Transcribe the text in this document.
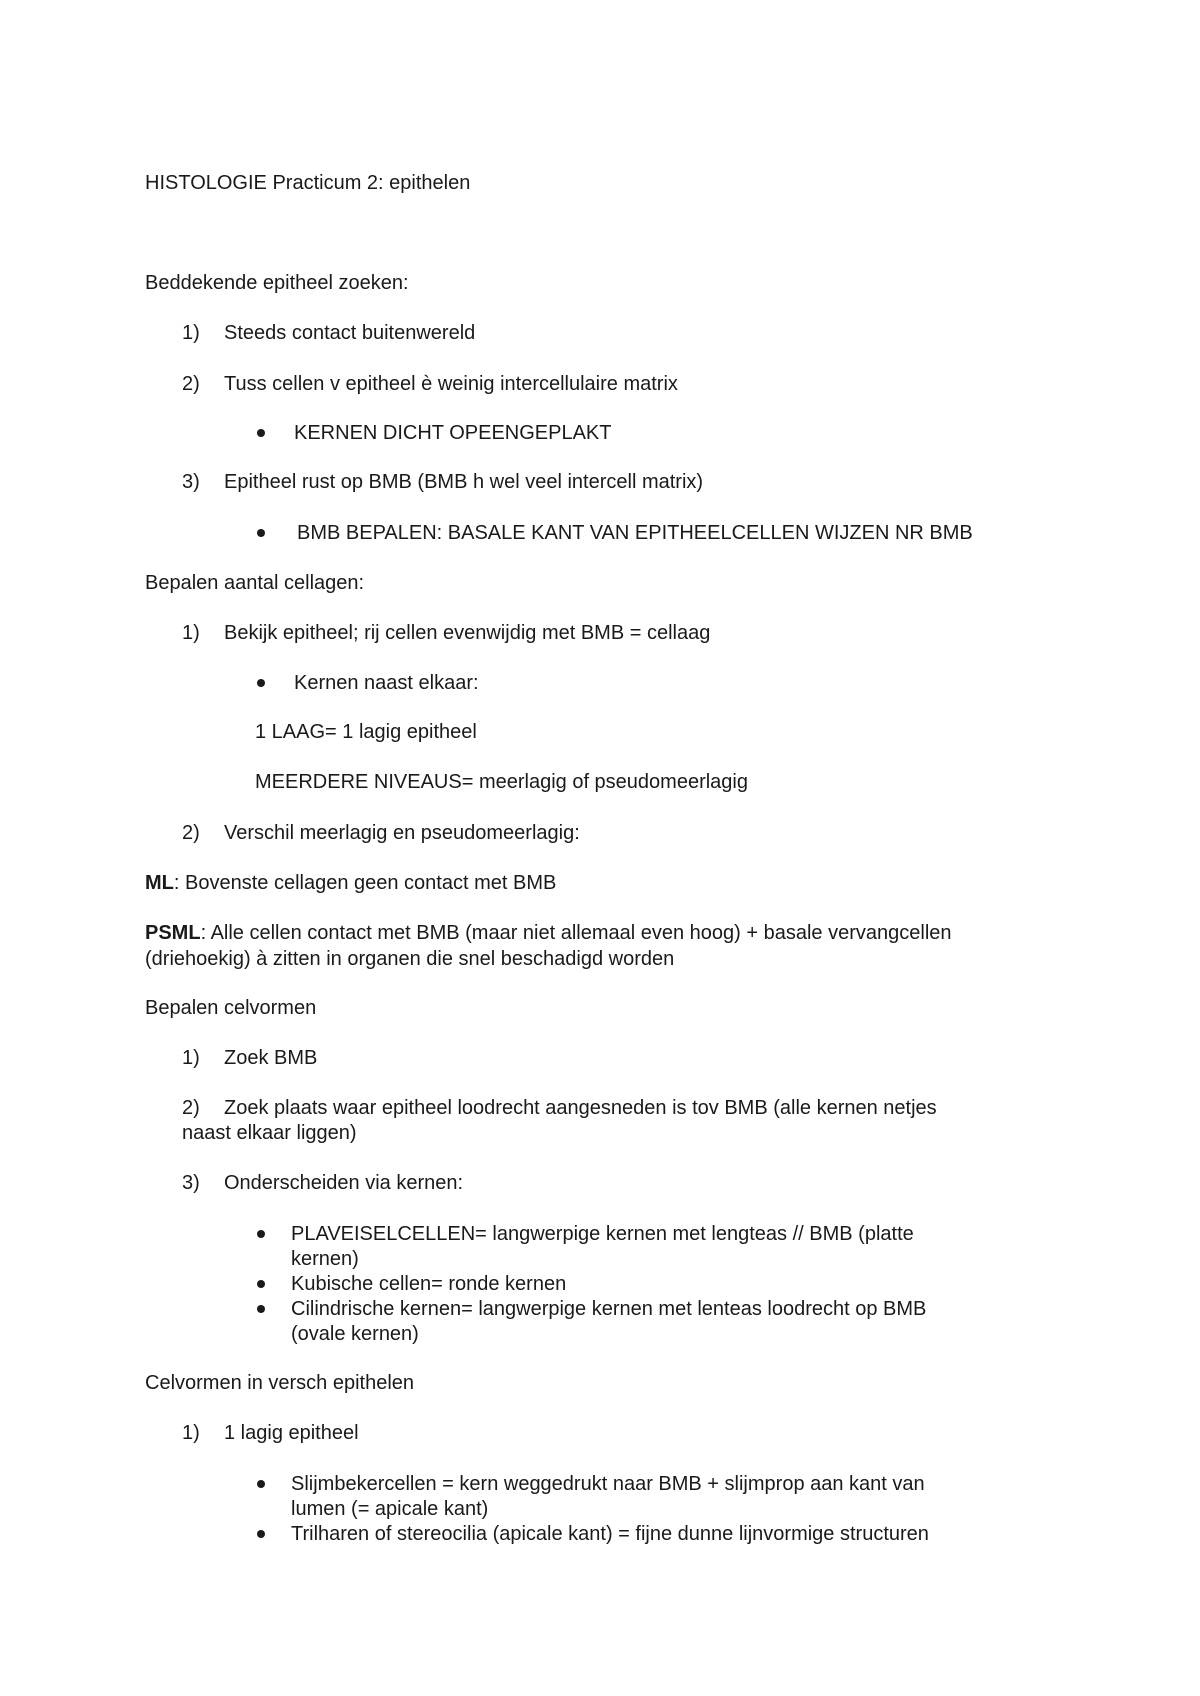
HISTOLOGIE Practicum 2: epithelen
Beddekende epitheel zoeken:
1) Steeds contact buitenwereld
2) Tuss cellen v epitheel è weinig intercellulaire matrix
KERNEN DICHT OPEENGEPLAKT
3) Epitheel rust op BMB (BMB h wel veel intercell matrix)
BMB BEPALEN: BASALE KANT VAN EPITHEELCELLEN WIJZEN NR BMB
Bepalen aantal cellagen:
1) Bekijk epitheel; rij cellen evenwijdig met BMB = cellaag
Kernen naast elkaar:
1 LAAG= 1 lagig epitheel
MEERDERE NIVEAUS= meerlagig of pseudomeerlagig
2) Verschil meerlagig en pseudomeerlagig:
ML: Bovenste cellagen geen contact met BMB
PSML: Alle cellen contact met BMB (maar niet allemaal even hoog) + basale vervangcellen
(driehoekig) à zitten in organen die snel beschadigd worden
Bepalen celvormen
1) Zoek BMB
2) Zoek plaats waar epitheel loodrecht aangesneden is tov BMB (alle kernen netjes
naast elkaar liggen)
3) Onderscheiden via kernen:
PLAVEISELCELLEN= langwerpige kernen met lengteas // BMB (platte
kernen)
Kubische cellen= ronde kernen
Cilindrische kernen= langwerpige kernen met lenteas loodrecht op BMB
(ovale kernen)
Celvormen in versch epithelen
1) 1 lagig epitheel
Slijmbekercellen = kern weggedrukt naar BMB + slijmprop aan kant van
lumen (= apicale kant)
Trilharen of stereocilia (apicale kant) = fijne dunne lijnvormige structuren
